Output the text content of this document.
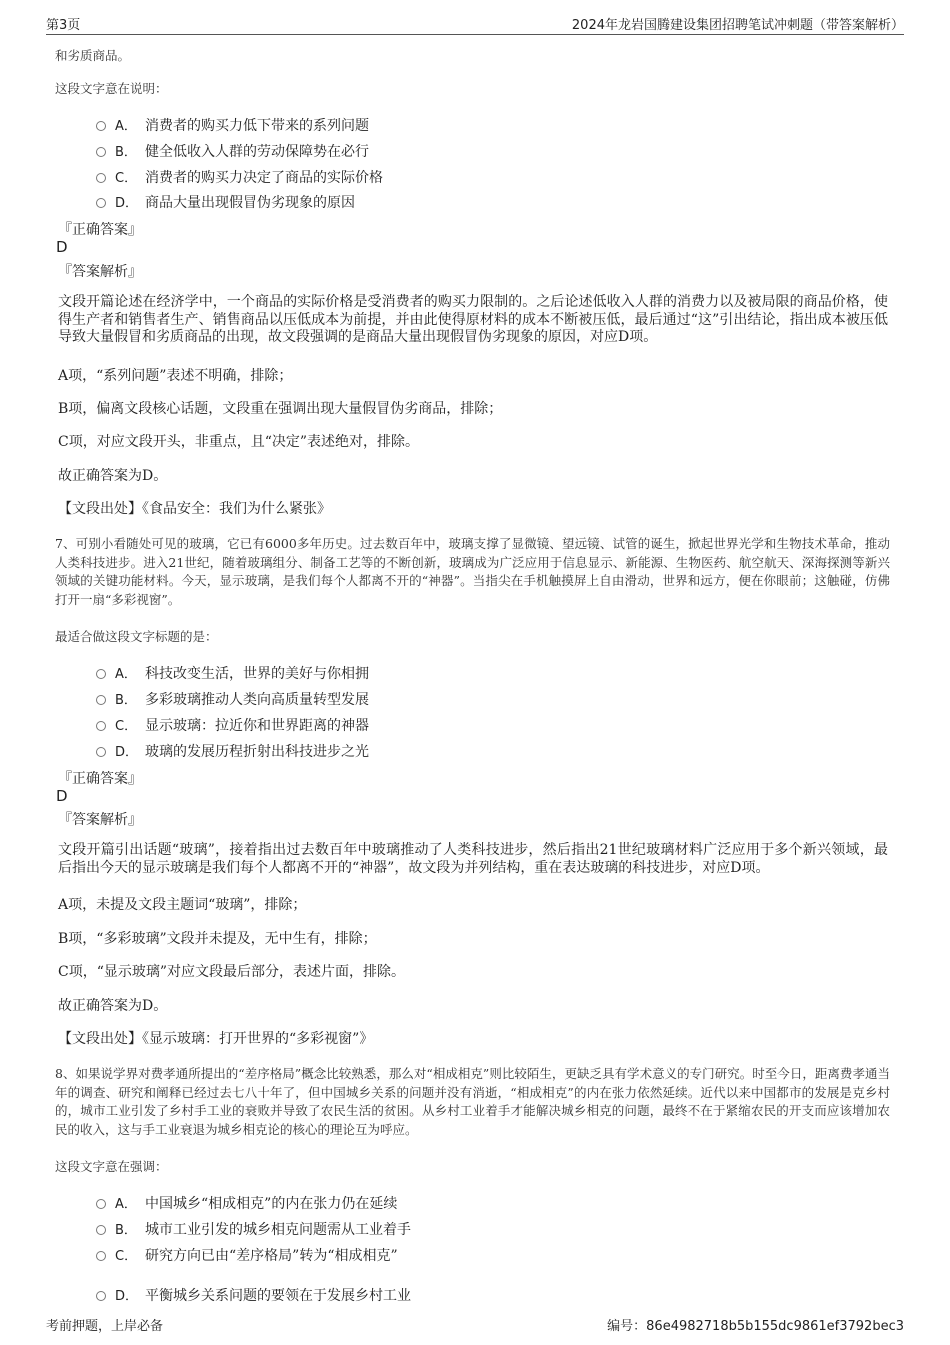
第3页	2024年龙岩国腾建设集团招聘笔试冲刺题（带答案解析）
和劣质商品。
这段文字意在说明：
A． 消费者的购买力低下带来的系列问题
B． 健全低收入人群的劳动保障势在必行
C． 消费者的购买力决定了商品的实际价格
D． 商品大量出现假冒伪劣现象的原因
『正确答案』
D
『答案解析』
文段开篇论述在经济学中，一个商品的实际价格是受消费者的购买力限制的。之后论述低收入人群的消费力以及被局限的商品价格，使得生产者和销售者生产、销售商品以压低成本为前提，并由此使得原材料的成本不断被压低，最后通过“这”引出结论，指出成本被压低导致大量假冒和劣质商品的出现，故文段强调的是商品大量出现假冒伪劣现象的原因，对应D项。
A项，“系列问题”表述不明确，排除；
B项，偏离文段核心话题，文段重在强调出现大量假冒伪劣商品，排除；
C项，对应文段开头，非重点，且“决定”表述绝对，排除。
故正确答案为D。
【文段出处】《食品安全：我们为什么紧张》
7、可别小看随处可见的玻璃，它已有6000多年历史。过去数百年中，玻璃支撑了显微镜、望远镜、试管的诞生，掀起世界光学和生物技术革命，推动人类科技进步。进入21世纪，随着玻璃组分、制备工艺等的不断创新，玻璃成为广泛应用于信息显示、新能源、生物医药、航空航天、深海探测等新兴领域的关键功能材料。今天，显示玻璃，是我们每个人都离不开的“神器”。当指尖在手机触摸屏上自由滑动，世界和远方，便在你眼前；这触碰，仿佛打开一扇“多彩视窗”。
最适合做这段文字标题的是：
A． 科技改变生活，世界的美好与你相拥
B． 多彩玻璃推动人类向高质量转型发展
C． 显示玻璃：拉近你和世界距离的神器
D． 玻璃的发展历程折射出科技进步之光
『正确答案』
D
『答案解析』
文段开篇引出话题“玻璃”，接着指出过去数百年中玻璃推动了人类科技进步，然后指出21世纪玻璃材料广泛应用于多个新兴领域，最后指出今天的显示玻璃是我们每个人都离不开的“神器”，故文段为并列结构，重在表达玻璃的科技进步，对应D项。
A项，未提及文段主题词“玻璃”，排除；
B项，“多彩玻璃”文段并未提及，无中生有，排除；
C项，“显示玻璃”对应文段最后部分，表述片面，排除。
故正确答案为D。
【文段出处】《显示玻璃：打开世界的“多彩视窗”》
8、如果说学界对费孝通所提出的“差序格局”概念比较熟悉，那么对“相成相克”则比较陌生，更缺乏具有学术意义的专门研究。时至今日，距离费孝通当年的调查、研究和阐释已经过去七八十年了，但中国城乡关系的问题并没有消逝，“相成相克”的内在张力依然延续。近代以来中国都市的发展是克乡村的，城市工业引发了乡村手工业的衰败并导致了农民生活的贫困。从乡村工业着手才能解决城乡相克的问题，最终不在于紧缩农民的开支而应该增加农民的收入，这与手工业衰退为城乡相克论的核心的理论互为呼应。
这段文字意在强调：
A． 中国城乡“相成相克”的内在张力仍在延续
B． 城市工业引发的城乡相克问题需从工业着手
C． 研究方向已由“差序格局”转为“相成相克”
D． 平衡城乡关系问题的要领在于发展乡村工业
考前押题，上岸必备	编号：86e4982718b5b155dc9861ef3792bec3
